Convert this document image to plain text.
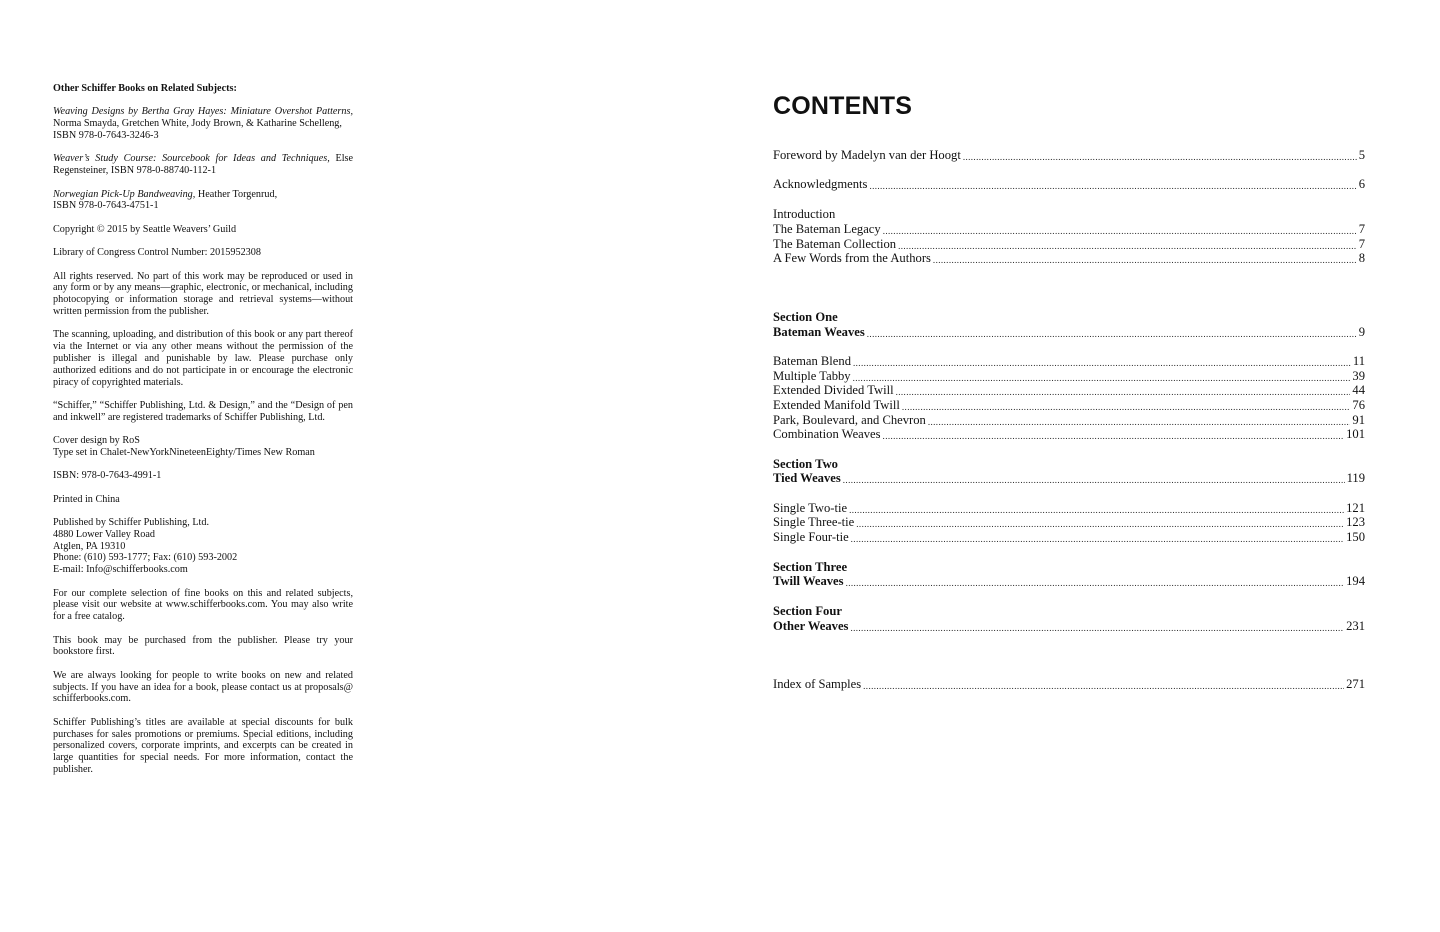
Other Schiffer Books on Related Subjects:

Weaving Designs by Bertha Gray Hayes: Miniature Overshot Patterns, Norma Smayda, Gretchen White, Jody Brown, & Katharine Schelleng,
ISBN 978-0-7643-3246-3

Weaver’s Study Course: Sourcebook for Ideas and Techniques, Else Regensteiner, ISBN 978-0-88740-112-1

Norwegian Pick-Up Bandweaving, Heather Torgenrud,
ISBN 978-0-7643-4751-1

Copyright © 2015 by Seattle Weavers’ Guild

Library of Congress Control Number: 2015952308

All rights reserved. No part of this work may be reproduced or used in any form or by any means—graphic, electronic, or mechanical, including photocopying or information storage and retrieval systems—without written permission from the publisher.

The scanning, uploading, and distribution of this book or any part thereof via the Internet or via any other means without the permission of the publisher is illegal and punishable by law. Please purchase only authorized editions and do not participate in or encourage the electronic piracy of copyrighted materials.

“Schiffer,” “Schiffer Publishing, Ltd. & Design,” and the “Design of pen and inkwell” are registered trademarks of Schiffer Publishing, Ltd.

Cover design by RoS
Type set in Chalet-NewYorkNineteenEighty/Times New Roman

ISBN: 978-0-7643-4991-1

Printed in China

Published by Schiffer Publishing, Ltd.
4880 Lower Valley Road
Atglen, PA 19310
Phone: (610) 593-1777; Fax: (610) 593-2002
E-mail: Info@schifferbooks.com

For our complete selection of fine books on this and related subjects, please visit our website at www.schifferbooks.com. You may also write for a free catalog.

This book may be purchased from the publisher. Please try your bookstore first.

We are always looking for people to write books on new and related subjects. If you have an idea for a book, please contact us at proposals@ schifferbooks.com.

Schiffer Publishing’s titles are available at special discounts for bulk purchases for sales promotions or premiums. Special editions, including personalized covers, corporate imprints, and excerpts can be created in large quantities for special needs. For more information, contact the publisher.

CONTENTS
Foreword by Madelyn van der Hoogt .....	5
Acknowledgments .....	6
Introduction
The Bateman Legacy .....	7
The Bateman Collection .....	7
A Few Words from the Authors .....	8
Section One
Bateman Weaves .....	9
Bateman Blend .....	11
Multiple Tabby .....	39
Extended Divided Twill .....	44
Extended Manifold Twill .....	76
Park, Boulevard, and Chevron .....	91
Combination Weaves .....	101
Section Two
Tied Weaves .....	119
Single Two-tie .....	121
Single Three-tie .....	123
Single Four-tie .....	150
Section Three
Twill Weaves .....	194
Section Four
Other Weaves .....	231
Index of Samples .....	271
